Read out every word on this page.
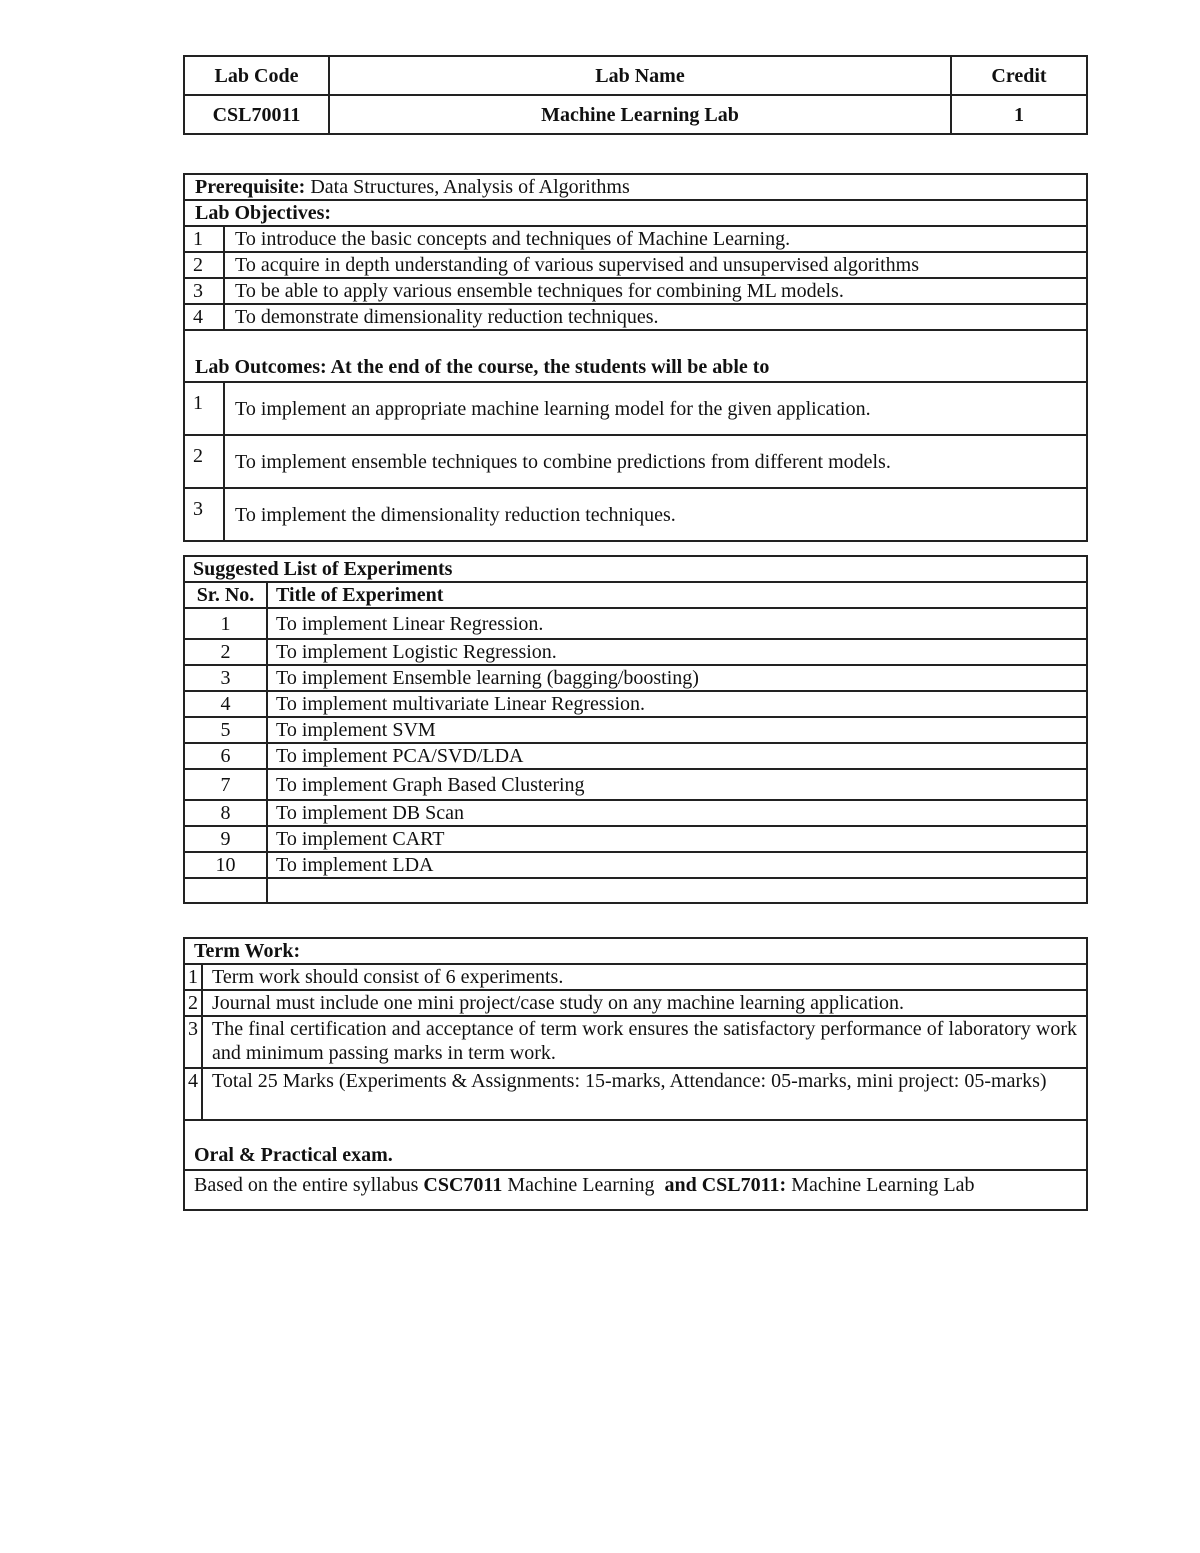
Lab Code	Lab Name	Credit
CSL70011	Machine Learning Lab	1
Prerequisite: Data Structures, Analysis of Algorithms	
Lab Objectives:	
1	To introduce the basic concepts and techniques of Machine Learning.
2	To acquire in depth understanding of various supervised and unsupervised algorithms
3	To be able to apply various ensemble techniques for combining ML models.
4	To demonstrate dimensionality reduction techniques.
Lab Outcomes: At the end of the course, the students will be able to	
1	To implement an appropriate machine learning model for the given application.
2	To implement ensemble techniques to combine predictions from different models.
3	To implement the dimensionality reduction techniques.
Suggested List of Experiments	
Sr. No.	Title of Experiment
1	To implement Linear Regression.
2	To implement Logistic Regression.
3	To implement Ensemble learning (bagging/boosting)
4	To implement multivariate Linear Regression.
5	To implement SVM
6	To implement PCA/SVD/LDA
7	To implement Graph Based Clustering
8	To implement DB Scan
9	To implement CART
10	To implement LDA

Term Work:	
1	Term work should consist of 6 experiments.
2	Journal must include one mini project/case study on any machine learning application.
3	The final certification and acceptance of term work ensures the satisfactory performance of laboratory work and minimum passing marks in term work.
4	Total 25 Marks (Experiments & Assignments: 15-marks, Attendance: 05-marks, mini project: 05-marks)
Oral & Practical exam.	
Based on the entire syllabus CSC7011 Machine Learning  and CSL7011: Machine Learning Lab	
